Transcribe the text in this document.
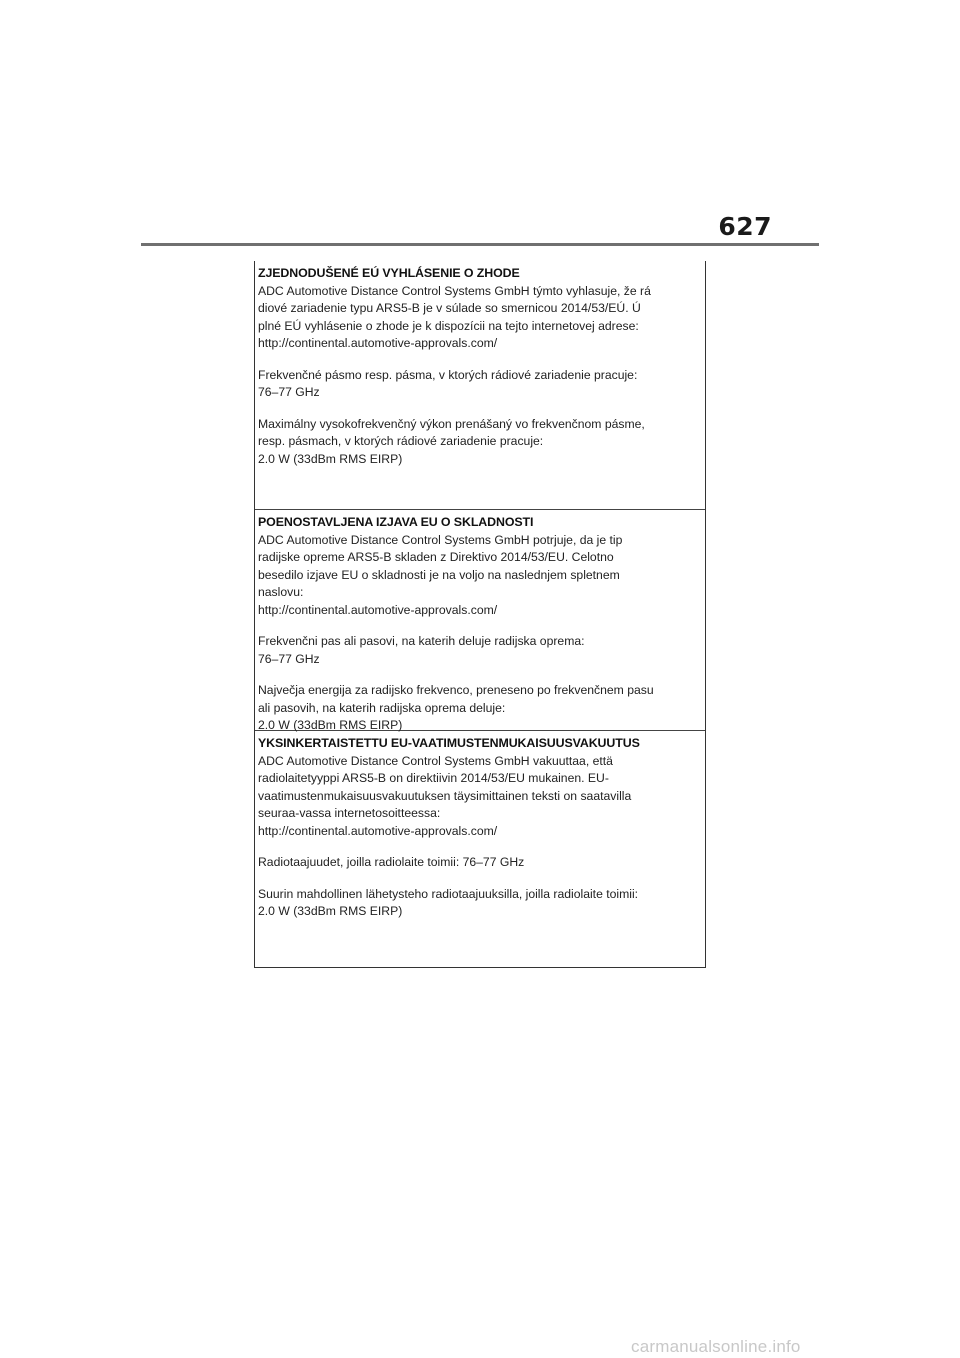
627
ZJEDNODUŠENÉ EÚ VYHLÁSENIE O ZHODE

ADC Automotive Distance Control Systems GmbH týmto vyhlasuje, že rá
diové zariadenie typu ARS5-B je v súlade so smernicou 2014/53/EÚ. Ú
plné EÚ vyhlásenie o zhode je k dispozícii na tejto internetovej adrese:
http://continental.automotive-approvals.com/

Frekvenčné pásmo resp. pásma, v ktorých rádiové zariadenie pracuje:
76–77 GHz

Maximálny vysokofrekvenčný výkon prenášaný vo frekvenčnom pásme,
resp. pásmach, v ktorých rádiové zariadenie pracuje:
2.0 W (33dBm RMS EIRP)

POENOSTAVLJENA IZJAVA EU O SKLADNOSTI

ADC Automotive Distance Control Systems GmbH potrjuje, da je tip
radijske opreme ARS5-B skladen z Direktivo 2014/53/EU. Celotno
besedilo izjave EU o skladnosti je na voljo na naslednjem spletnem
naslovu:
http://continental.automotive-approvals.com/

Frekvenčni pas ali pasovi, na katerih deluje radijska oprema:
76–77 GHz

Največja energija za radijsko frekvenco, preneseno po frekvenčnem pasu
ali pasovih, na katerih radijska oprema deluje:
2.0 W (33dBm RMS EIRP)

YKSINKERTAISTETTU EU-VAATIMUSTENMUKAISUUSVAKUUTUS

ADC Automotive Distance Control Systems GmbH vakuuttaa, että
radiolaitetyyppi ARS5-B on direktiivin 2014/53/EU mukainen. EU-
vaatimustenmukaisuusvakuutuksen täysimittainen teksti on saatavilla
seuraa-vassa internetosoitteessa:
http://continental.automotive-approvals.com/

Radiotaajuudet, joilla radiolaite toimii: 76–77 GHz

Suurin mahdollinen lähetysteho radiotaajuuksilla, joilla radiolaite toimii:
2.0 W (33dBm RMS EIRP)

carmanualsonline.info
